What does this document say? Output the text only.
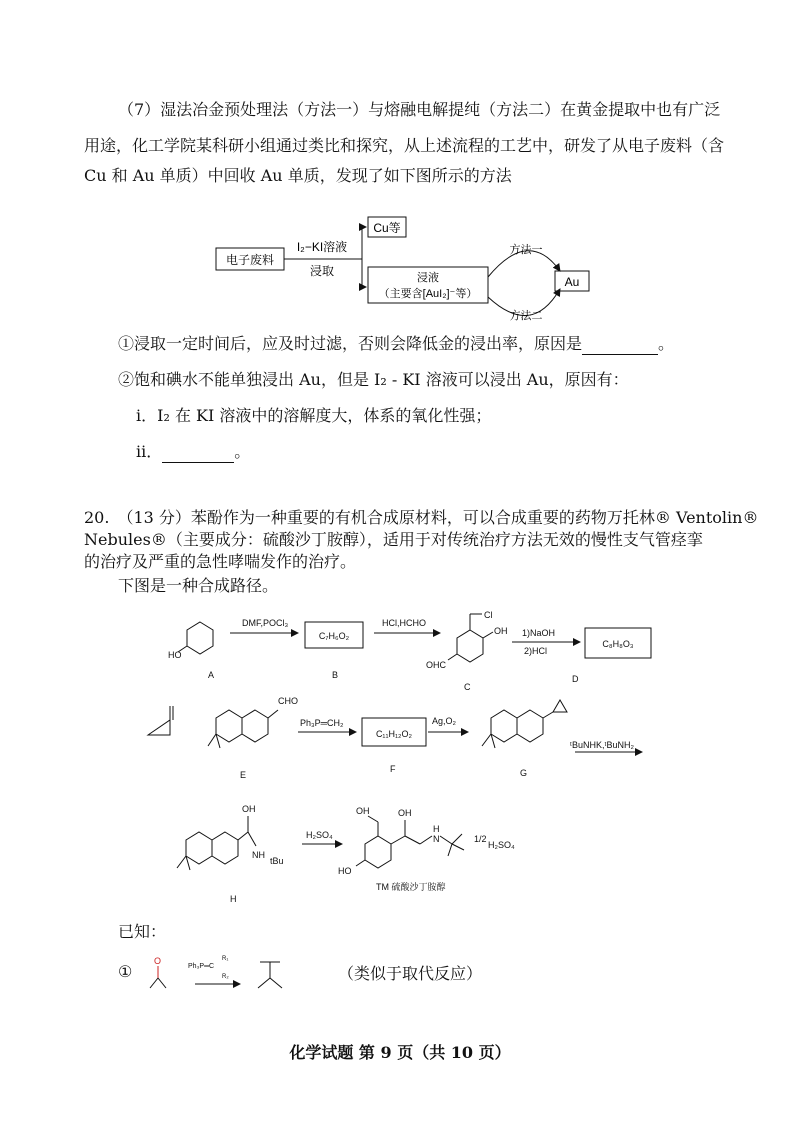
（7）湿法冶金预处理法（方法一）与熔融电解提纯（方法二）在黄金提取中也有广泛
用途，化工学院某科研小组通过类比和探究，从上述流程的工艺中，研发了从电子废料（含
Cu 和 Au 单质）中回收 Au 单质，发现了如下图所示的方法
电子废料
I₂−KI溶液
浸取
Cu等
浸液
（主要含[AuI₂]⁻等）
方法一
方法二
Au
①浸取一定时间后，应及时过滤，否则会降低金的浸出率，原因是	。
②饱和碘水不能单独浸出 Au，但是 I₂ - KI 溶液可以浸出 Au，原因有：
i．I₂ 在 KI 溶液中的溶解度大，体系的氧化性强；
ii．	。
20.　（13 分）苯酚作为一种重要的有机合成原材料，可以合成重要的药物万托林® Ventolin®
Nebules®（主要成分：硫酸沙丁胺醇），适用于对传统治疗方法无效的慢性支气管痉挛
的治疗及严重的急性哮喘发作的治疗。
下图是一种合成路径。
HO
A
DMF,POCl₃
C₇H₆O₂
B
HCl,HCHO
Cl
OH
OHC
C
1)NaOH
2)HCl
C₈H₈O₃
D
CHO
E
Ph₃P═CH₂
C₁₁H₁₂O₂
F
Ag,O₂
G
ᵗBuNHK,ᵗBuNH₂
OH
NH
tBu
H
H₂SO₄
OH	OH
HO
H
N	1/2
H₂SO₄
TM 硫酸沙丁胺醇
已知：
①
O
Ph₃P═C
R₁
R₂	（类似于取代反应）
化学试题 第 9 页（共 10 页）
